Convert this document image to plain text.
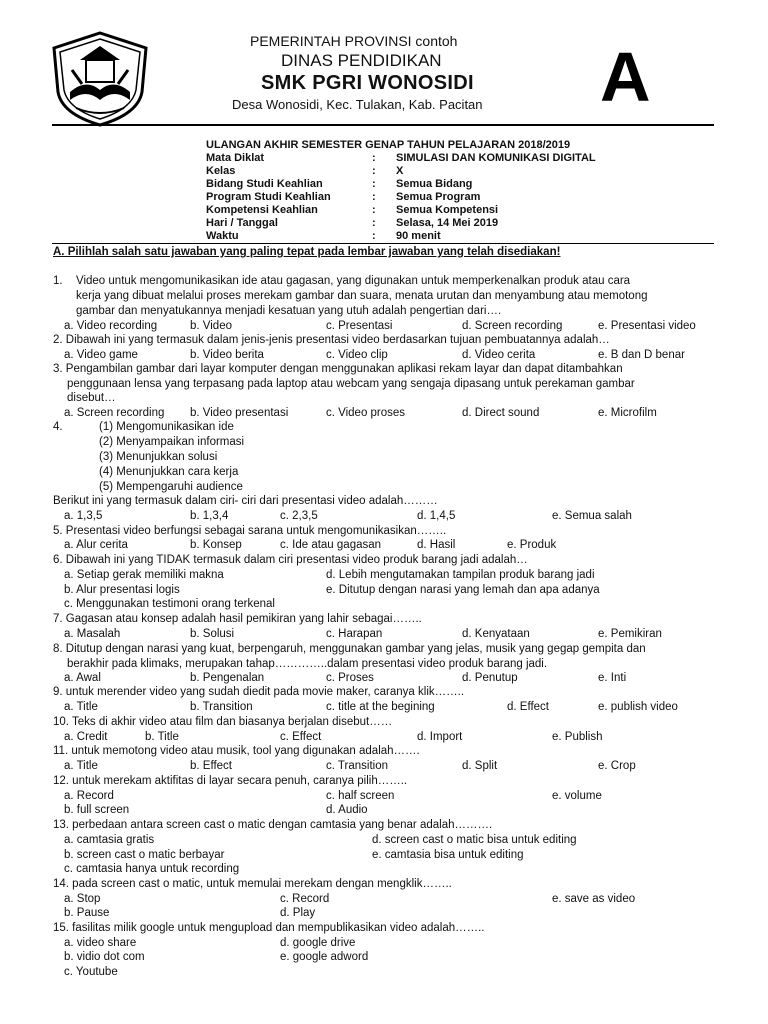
PEMERINTAH PROVINSI contoh
DINAS PENDIDIKAN
SMK PGRI WONOSIDI
Desa Wonosidi, Kec. Tulakan, Kab. Pacitan A
ULANGAN AKHIR SEMESTER GENAP TAHUN PELAJARAN 2018/2019
Mata Diklat	: SIMULASI DAN KOMUNIKASI DIGITAL
Kelas	: X
Bidang Studi Keahlian	: Semua Bidang
Program Studi Keahlian	: Semua Program
Kompetensi Keahlian	: Semua Kompetensi
Hari / Tanggal	: Selasa, 14 Mei 2019
Waktu	: 90 menit
A. Pilihlah salah satu jawaban yang paling tepat pada lembar jawaban yang telah disediakan!
1. Video untuk mengomunikasikan ide atau gagasan, yang digunakan untuk memperkenalkan produk atau cara
kerja yang dibuat melalui proses merekam gambar dan suara, menata urutan dan menyambung atau memotong
gambar dan menyatukannya menjadi kesatuan yang utuh adalah pengertian dari….
a. Video recording	b. Video	c. Presentasi	d. Screen recording	e. Presentasi video
2. Dibawah ini yang termasuk dalam jenis-jenis presentasi video berdasarkan tujuan pembuatannya adalah…
a. Video game	b. Video berita	c. Video clip	d. Video cerita	e. B dan D benar
3. Pengambilan gambar dari layar komputer dengan menggunakan aplikasi rekam layar dan dapat ditambahkan
penggunaan lensa yang terpasang pada laptop atau webcam yang sengaja dipasang untuk perekaman gambar
disebut…
a. Screen recording b. Video presentasi	c. Video proses	d. Direct sound	e. Microfilm
4.	(1) Mengomunikasikan ide
(2) Menyampaikan informasi
(3) Menunjukkan solusi
(4) Menunjukkan cara kerja
(5) Mempengaruhi audience
Berikut ini yang termasuk dalam ciri- ciri dari presentasi video adalah………
a. 1,3,5	b. 1,3,4	c. 2,3,5	d. 1,4,5	e. Semua salah
5. Presentasi video berfungsi sebagai sarana untuk mengomunikasikan……..
a. Alur cerita	b. Konsep	c. Ide atau gagasan	d. Hasil	e. Produk
6. Dibawah ini yang TIDAK termasuk dalam ciri presentasi video produk barang jadi adalah…
a. Setiap gerak memiliki makna	d. Lebih mengutamakan tampilan produk barang jadi
b. Alur presentasi logis	e. Ditutup dengan narasi yang lemah dan apa adanya
c. Menggunakan testimoni orang terkenal
7. Gagasan atau konsep adalah hasil pemikiran yang lahir sebagai……..
a. Masalah	b. Solusi	c. Harapan	d. Kenyataan	e. Pemikiran
8. Ditutup dengan narasi yang kuat, berpengaruh, menggunakan gambar yang jelas, musik yang gegap gempita dan
berakhir pada klimaks, merupakan tahap…………..dalam presentasi video produk barang jadi.
a. Awal	b. Pengenalan	c. Proses	d. Penutup	e. Inti
9. untuk merender video yang sudah diedit pada movie maker, caranya klik……..
a. Title	b. Transition	c. title at the begining	d. Effect	e. publish video
10. Teks di akhir video atau film dan biasanya berjalan disebut……
a. Credit	b. Title	c. Effect	d. Import	e. Publish
11. untuk memotong video atau musik, tool yang digunakan adalah…….
a. Title	b. Effect	c. Transition	d. Split	e. Crop
12. untuk merekam aktifitas di layar secara penuh, caranya pilih……..
a. Record	c. half screen	e. volume
b. full screen	d. Audio
13. perbedaan antara screen cast o matic dengan camtasia yang benar adalah……….
a. camtasia gratis	d. screen cast o matic bisa untuk editing
b. screen cast o matic berbayar	e. camtasia bisa untuk editing
c. camtasia hanya untuk recording
14. pada screen cast o matic, untuk memulai merekam dengan mengklik……..
a. Stop	c. Record	e. save as video
b. Pause	d. Play
15. fasilitas milik google untuk mengupload dan mempublikasikan video adalah……..
a. video share	d. google drive
b. vidio dot com	e. google adword
c. Youtube
